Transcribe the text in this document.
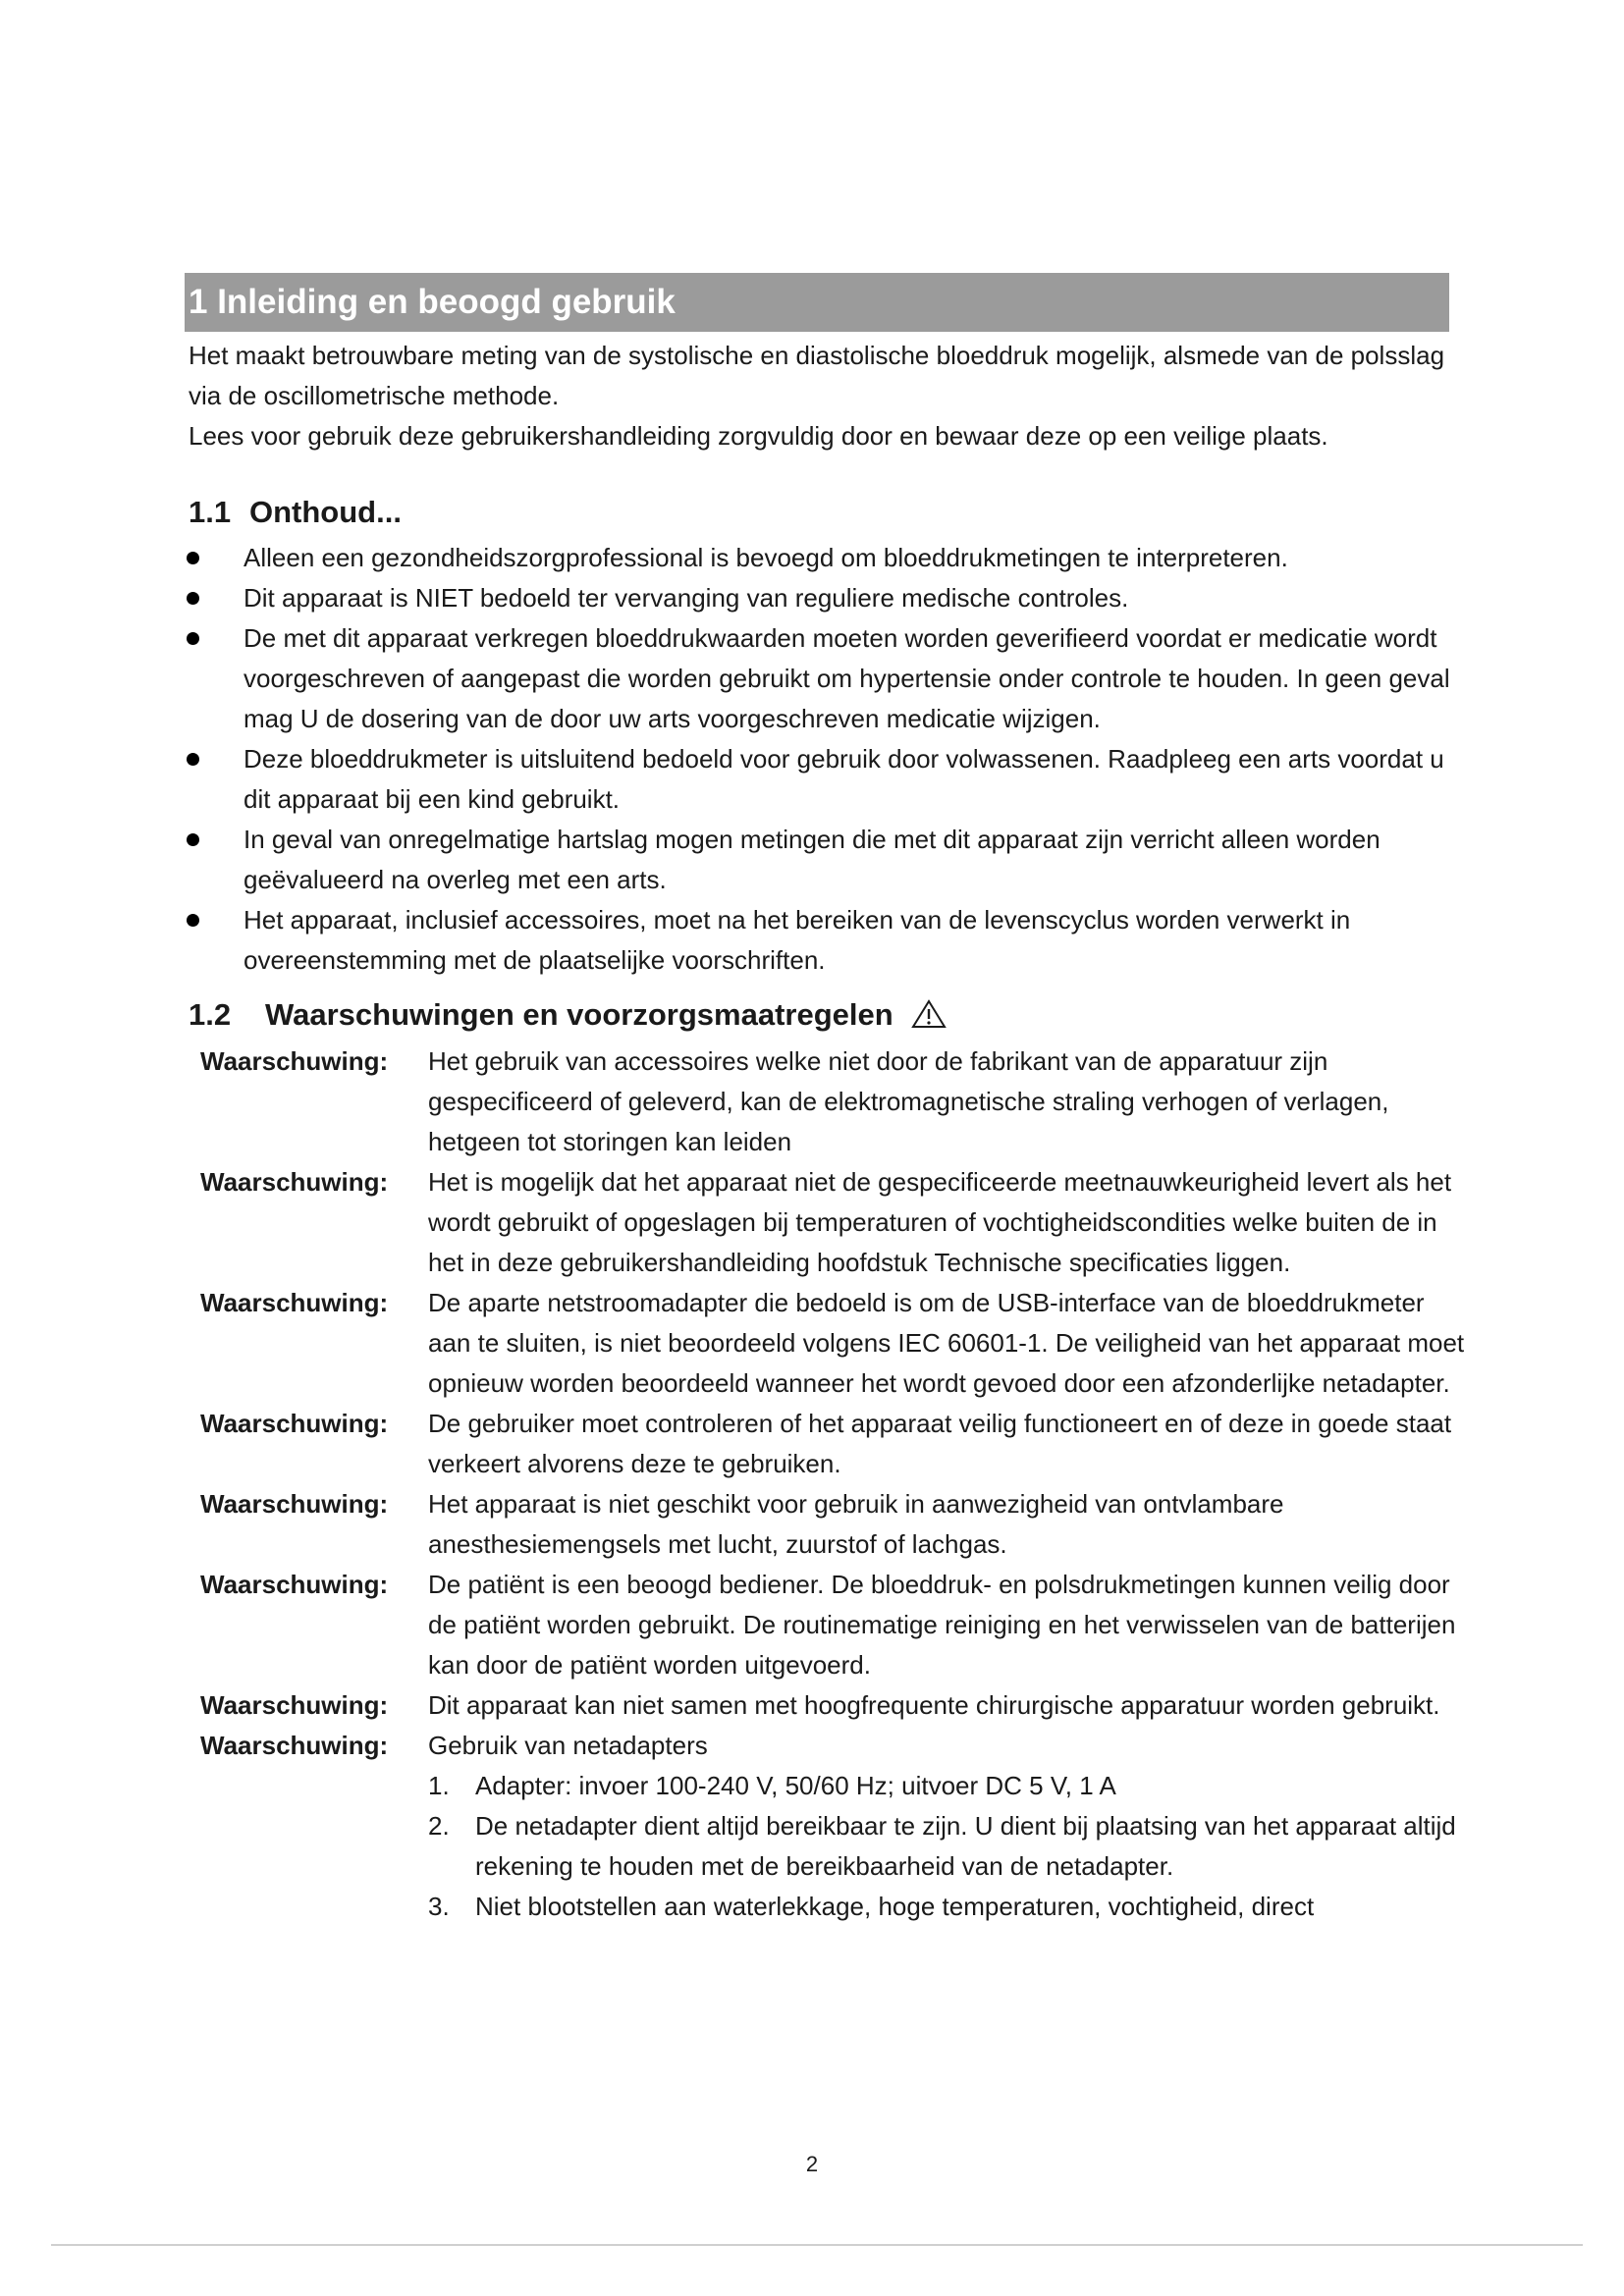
1 Inleiding en beoogd gebruik

Het maakt betrouwbare meting van de systolische en diastolische bloeddruk mogelijk, alsmede van de polsslag via de oscillometrische methode.

Lees voor gebruik deze gebruikershandleiding zorgvuldig door en bewaar deze op een veilige plaats.

1.1 Onthoud...
Alleen een gezondheidszorgprofessional is bevoegd om bloeddrukmetingen te interpreteren.
Dit apparaat is NIET bedoeld ter vervanging van reguliere medische controles.
De met dit apparaat verkregen bloeddrukwaarden moeten worden geverifieerd voordat er medicatie wordt voorgeschreven of aangepast die worden gebruikt om hypertensie onder controle te houden. In geen geval mag U de dosering van de door uw arts voorgeschreven medicatie wijzigen.
Deze bloeddrukmeter is uitsluitend bedoeld voor gebruik door volwassenen. Raadpleeg een arts voordat u dit apparaat bij een kind gebruikt.
In geval van onregelmatige hartslag mogen metingen die met dit apparaat zijn verricht alleen worden geëvalueerd na overleg met een arts.
Het apparaat, inclusief accessoires, moet na het bereiken van de levenscyclus worden verwerkt in overeenstemming met de plaatselijke voorschriften.
1.2 Waarschuwingen en voorzorgsmaatregelen
Waarschuwing:	Het gebruik van accessoires welke niet door de fabrikant van de apparatuur zijn gespecificeerd of geleverd, kan de elektromagnetische straling verhogen of verlagen, hetgeen tot storingen kan leiden
Waarschuwing:	Het is mogelijk dat het apparaat niet de gespecificeerde meetnauwkeurigheid levert als het wordt gebruikt of opgeslagen bij temperaturen of vochtigheidscondities welke buiten de in het in deze gebruikershandleiding hoofdstuk Technische specificaties liggen.
Waarschuwing:	De aparte netstroomadapter die bedoeld is om de USB-interface van de bloeddrukmeter aan te sluiten, is niet beoordeeld volgens IEC 60601-1. De veiligheid van het apparaat moet opnieuw worden beoordeeld wanneer het wordt gevoed door een afzonderlijke netadapter.
Waarschuwing:	De gebruiker moet controleren of het apparaat veilig functioneert en of deze in goede staat verkeert alvorens deze te gebruiken.
Waarschuwing:	Het apparaat is niet geschikt voor gebruik in aanwezigheid van ontvlambare anesthesiemengsels met lucht, zuurstof of lachgas.
Waarschuwing:	De patiënt is een beoogd bediener. De bloeddruk- en polsdrukmetingen kunnen veilig door de patiënt worden gebruikt. De routinematige reiniging en het verwisselen van de batterijen kan door de patiënt worden uitgevoerd.
Waarschuwing:	Dit apparaat kan niet samen met hoogfrequente chirurgische apparatuur worden gebruikt.
Waarschuwing:	Gebruik van netadapters
1. Adapter: invoer 100-240 V, 50/60 Hz; uitvoer DC 5 V, 1 A
2. De netadapter dient altijd bereikbaar te zijn. U dient bij plaatsing van het apparaat altijd rekening te houden met de bereikbaarheid van de netadapter.
3. Niet blootstellen aan waterlekkage, hoge temperaturen, vochtigheid, direct
2
